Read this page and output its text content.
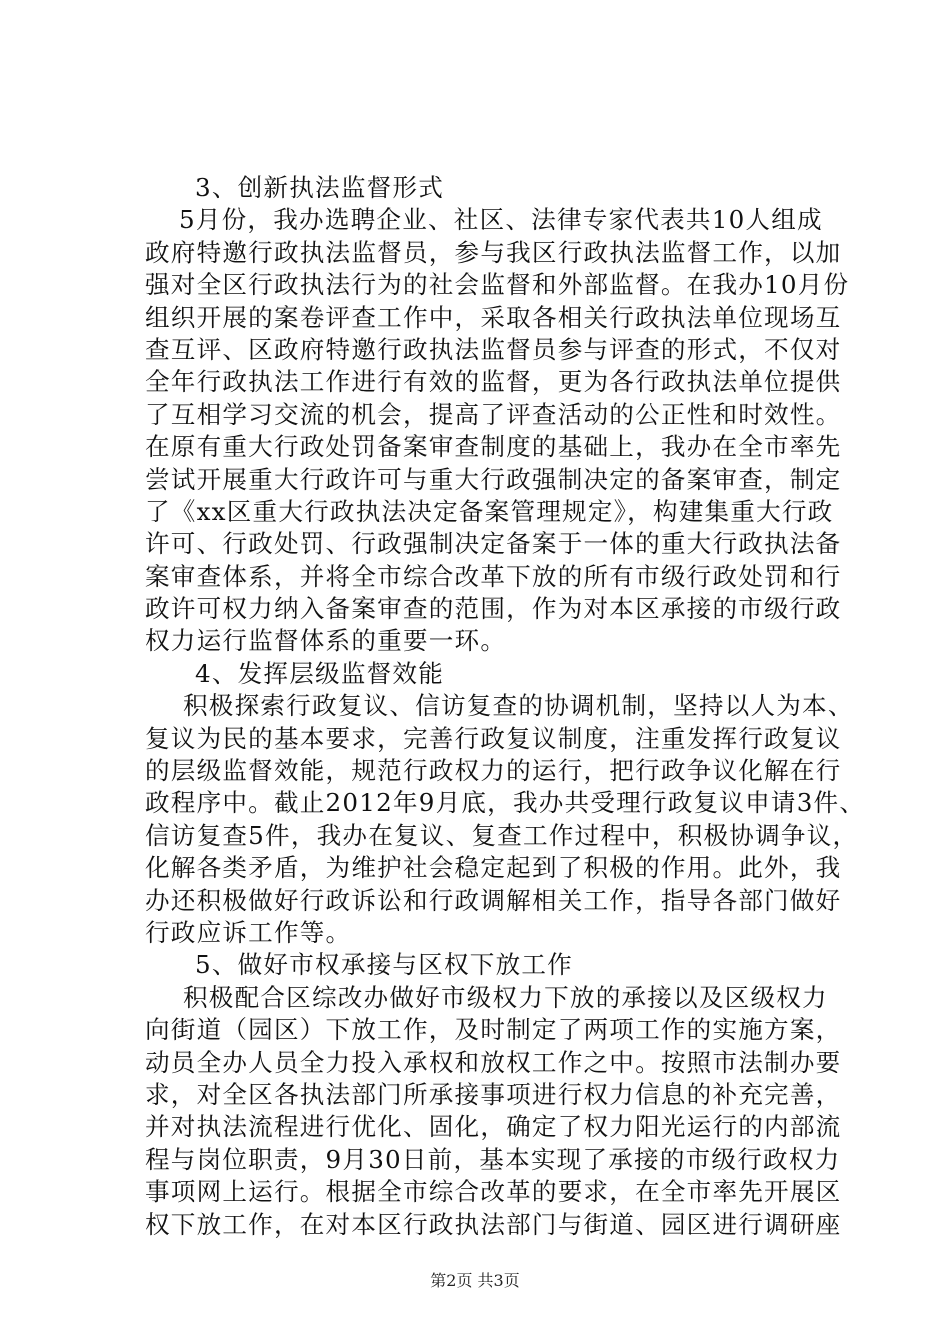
3、创新执法监督形式
5月份，我办选聘企业、社区、法律专家代表共10人组成
政府特邀行政执法监督员，参与我区行政执法监督工作，以加
强对全区行政执法行为的社会监督和外部监督。在我办10月份
组织开展的案卷评查工作中，采取各相关行政执法单位现场互
查互评、区政府特邀行政执法监督员参与评查的形式，不仅对
全年行政执法工作进行有效的监督，更为各行政执法单位提供
了互相学习交流的机会，提高了评查活动的公正性和时效性。
在原有重大行政处罚备案审查制度的基础上，我办在全市率先
尝试开展重大行政许可与重大行政强制决定的备案审查，制定
了《xx区重大行政执法决定备案管理规定》，构建集重大行政
许可、行政处罚、行政强制决定备案于一体的重大行政执法备
案审查体系，并将全市综合改革下放的所有市级行政处罚和行
政许可权力纳入备案审查的范围，作为对本区承接的市级行政
权力运行监督体系的重要一环。
4、发挥层级监督效能
积极探索行政复议、信访复查的协调机制，坚持以人为本、
复议为民的基本要求，完善行政复议制度，注重发挥行政复议
的层级监督效能，规范行政权力的运行，把行政争议化解在行
政程序中。截止2012年9月底，我办共受理行政复议申请3件、
信访复查5件，我办在复议、复查工作过程中，积极协调争议，
化解各类矛盾，为维护社会稳定起到了积极的作用。此外，我
办还积极做好行政诉讼和行政调解相关工作，指导各部门做好
行政应诉工作等。
5、做好市权承接与区权下放工作
积极配合区综改办做好市级权力下放的承接以及区级权力
向街道（园区）下放工作，及时制定了两项工作的实施方案，
动员全办人员全力投入承权和放权工作之中。按照市法制办要
求，对全区各执法部门所承接事项进行权力信息的补充完善，
并对执法流程进行优化、固化，确定了权力阳光运行的内部流
程与岗位职责，9月30日前，基本实现了承接的市级行政权力
事项网上运行。根据全市综合改革的要求，在全市率先开展区
权下放工作，在对本区行政执法部门与街道、园区进行调研座
第2页 共3页
